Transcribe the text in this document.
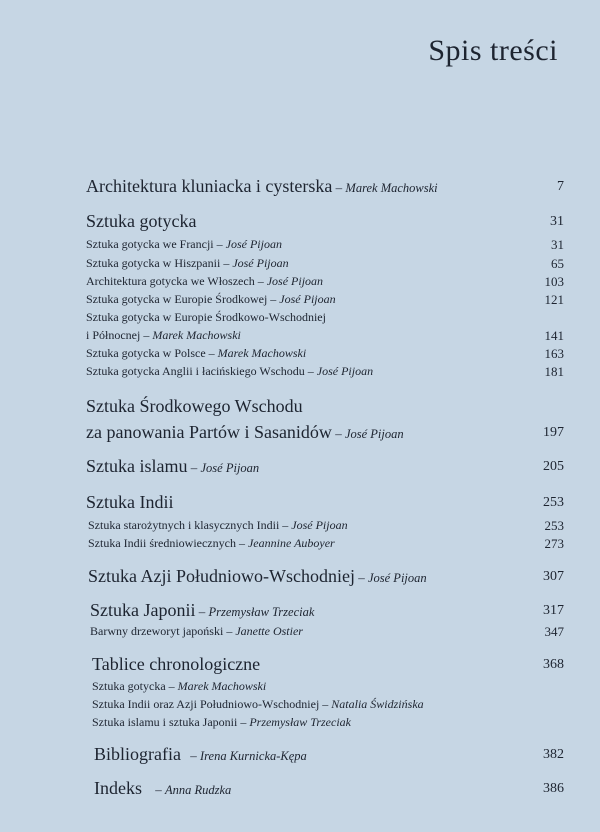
Spis treści
Architektura kluniacka i cysterska – Marek Machowski	7
Sztuka gotycka	31
Sztuka gotycka we Francji – José Pijoan	31
Sztuka gotycka w Hiszpanii – José Pijoan	65
Architektura gotycka we Włoszech – José Pijoan	103
Sztuka gotycka w Europie Środkowej – José Pijoan	121
Sztuka gotycka w Europie Środkowo-Wschodniej
i Północnej – Marek Machowski	141
Sztuka gotycka w Polsce – Marek Machowski	163
Sztuka gotycka Anglii i łacińskiego Wschodu – José Pijoan	181
Sztuka Środkowego Wschodu
za panowania Partów i Sasanidów – José Pijoan	197
Sztuka islamu – José Pijoan	205
Sztuka Indii	253
Sztuka starożytnych i klasycznych Indii – José Pijoan	253
Sztuka Indii średniowiecznych – Jeannine Auboyer	273
Sztuka Azji Południowo-Wschodniej – José Pijoan	307
Sztuka Japonii – Przemysław Trzeciak	317
Barwny drzeworyt japoński – Janette Ostier	347
Tablice chronologiczne	368
Sztuka gotycka – Marek Machowski
Sztuka Indii oraz Azji Południowo-Wschodniej – Natalia Świdzińska
Sztuka islamu i sztuka Japonii – Przemysław Trzeciak
Bibliografia – Irena Kurnicka-Kępa	382
Indeks – Anna Rudzka	386
